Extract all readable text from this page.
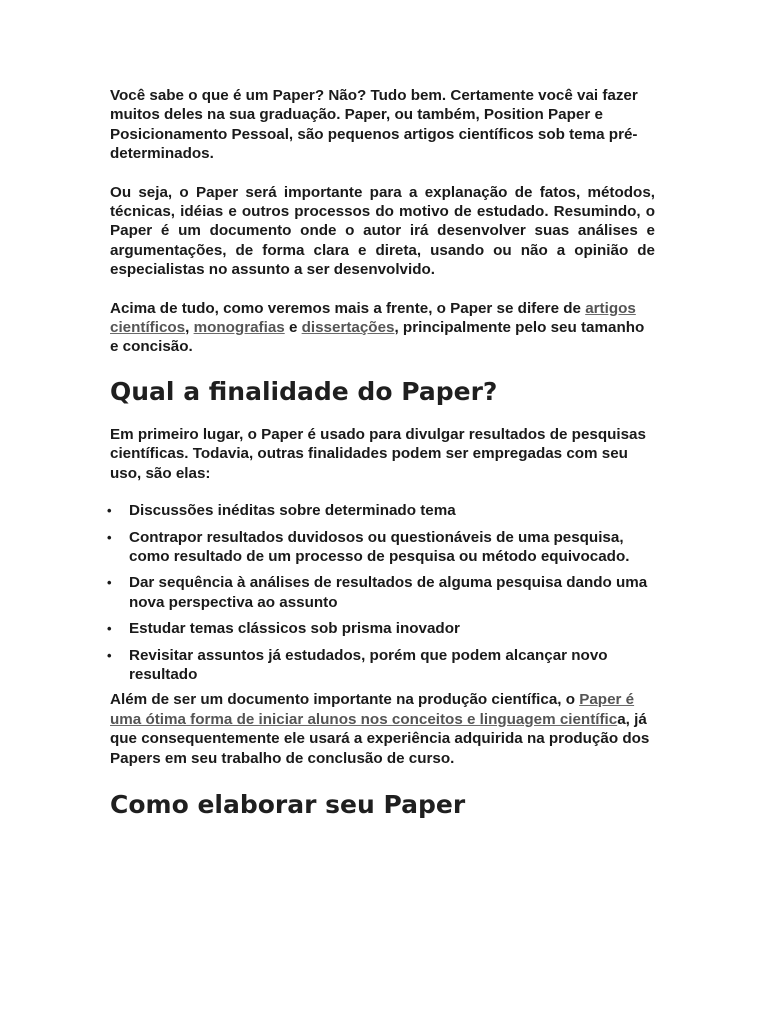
Você sabe o que é um Paper? Não? Tudo bem. Certamente você vai fazer muitos deles na sua graduação. Paper, ou também, Position Paper e Posicionamento Pessoal, são pequenos artigos científicos sob tema pré-determinados.

Ou seja, o Paper será importante para a explanação de fatos, métodos, técnicas, idéias e outros processos do motivo de estudado. Resumindo, o Paper é um documento onde o autor irá desenvolver suas análises e argumentações, de forma clara e direta, usando ou não a opinião de especialistas no assunto a ser desenvolvido.

Acima de tudo, como veremos mais a frente, o Paper se difere de artigos científicos, monografias e dissertações, principalmente pelo seu tamanho e concisão.

Qual a finalidade do Paper?

Em primeiro lugar, o Paper é usado para divulgar resultados de pesquisas científicas. Todavia, outras finalidades podem ser empregadas com seu uso, são elas:

• Discussões inéditas sobre determinado tema
• Contrapor resultados duvidosos ou questionáveis de uma pesquisa, como resultado de um processo de pesquisa ou método equivocado.
• Dar sequência à análises de resultados de alguma pesquisa dando uma nova perspectiva ao assunto
• Estudar temas clássicos sob prisma inovador
• Revisitar assuntos já estudados, porém que podem alcançar novo resultado

Além de ser um documento importante na produção científica, o Paper é uma ótima forma de iniciar alunos nos conceitos e linguagem científica, já que consequentemente ele usará a experiência adquirida na produção dos Papers em seu trabalho de conclusão de curso.

Como elaborar seu Paper
